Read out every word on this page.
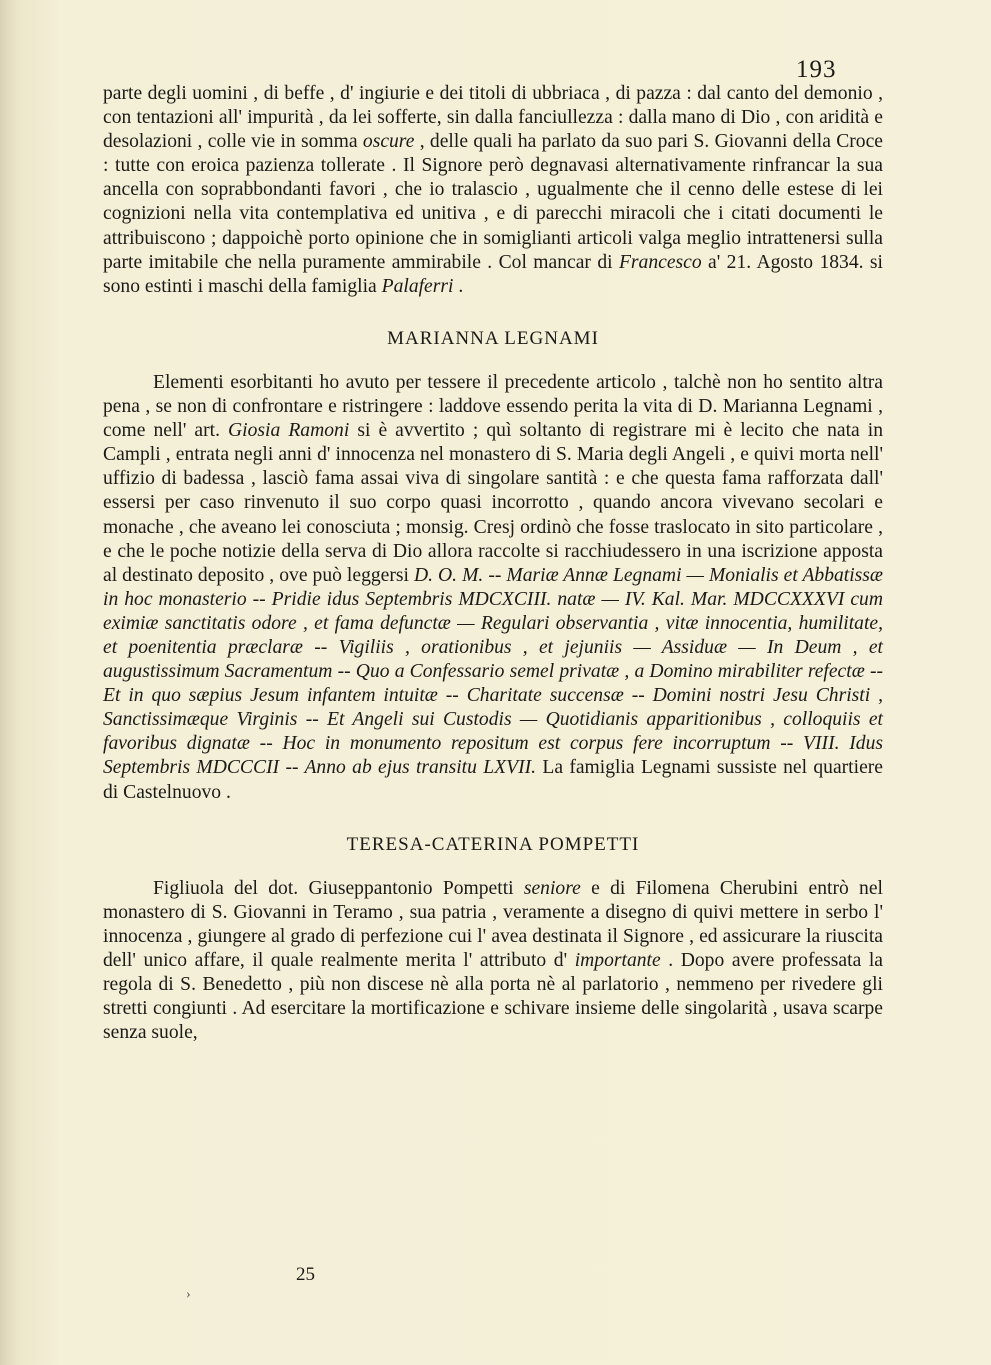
193

parte degli uomini , di beffe , d' ingiurie e dei titoli di ubbriaca , di pazza : dal canto del demonio , con tentazioni all' impurità , da lei sofferte, sin dalla fanciullezza : dalla mano di Dio , con aridità e desolazioni , colle vie in somma oscure , delle quali ha parlato da suo pari S. Giovanni della Croce : tutte con eroica pazienza tollerate . Il Signore però degnavasi alternativamente rinfrancar la sua ancella con soprabbondanti favori , che io tralascio , ugualmente che il cenno delle estese di lei cognizioni nella vita contemplativa ed unitiva , e di parecchi miracoli che i citati documenti le attribuiscono ; dappoichè porto opinione che in somiglianti articoli valga meglio intrattenersi sulla parte imitabile che nella puramente ammirabile . Col mancar di Francesco a' 21. Agosto 1834. si sono estinti i maschi della famiglia Palaferri .

MARIANNA LEGNAMI

Elementi esorbitanti ho avuto per tessere il precedente articolo , talchè non ho sentito altra pena , se non di confrontare e ristringere : laddove essendo perita la vita di D. Marianna Legnami , come nell' art. Giosia Ramoni si è avvertito ; quì soltanto di registrare mi è lecito che nata in Campli , entrata negli anni d' innocenza nel monastero di S. Maria degli Angeli , e quivi morta nell' uffizio di badessa , lasciò fama assai viva di singolare santità : e che questa fama rafforzata dall' essersi per caso rinvenuto il suo corpo quasi incorrotto , quando ancora vivevano secolari e monache , che aveano lei conosciuta ; monsig. Cresj ordinò che fosse traslocato in sito particolare , e che le poche notizie della serva di Dio allora raccolte si racchiudessero in una iscrizione apposta al destinato deposito , ove può leggersi D. O. M. -- Mariæ Annæ Legnami — Monialis et Abbatissæ in hoc monasterio -- Pridie idus Septembris MDCXCIII. natæ — IV. Kal. Mar. MDCCXXXVI cum eximiæ sanctitatis odore , et fama defunctæ — Regulari observantia , vitæ innocentia, humilitate, et poenitentia præclaræ -- Vigiliis , orationibus , et jejuniis — Assiduæ — In Deum , et augustissimum Sacramentum -- Quo a Confessario semel privatæ , a Domino mirabiliter refectæ -- Et in quo sæpius Jesum infantem intuitæ -- Charitate succensæ -- Domini nostri Jesu Christi , Sanctissimæque Virginis -- Et Angeli sui Custodis — Quotidianis apparitionibus , colloquiis et favoribus dignatæ -- Hoc in monumento repositum est corpus fere incorruptum -- VIII. Idus Septembris MDCCCII -- Anno ab ejus transitu LXVII. La famiglia Legnami sussiste nel quartiere di Castelnuovo .

TERESA-CATERINA POMPETTI

Figliuola del dot. Giuseppantonio Pompetti seniore e di Filomena Cherubini entrò nel monastero di S. Giovanni in Teramo , sua patria , veramente a disegno di quivi mettere in serbo l' innocenza , giungere al grado di perfezione cui l' avea destinata il Signore , ed assicurare la riuscita dell' unico affare, il quale realmente merita l' attributo d' importante . Dopo avere professata la regola di S. Benedetto , più non discese nè alla porta nè al parlatorio , nemmeno per rivedere gli stretti congiunti . Ad esercitare la mortificazione e schivare insieme delle singolarità , usava scarpe senza suole,

25
›
